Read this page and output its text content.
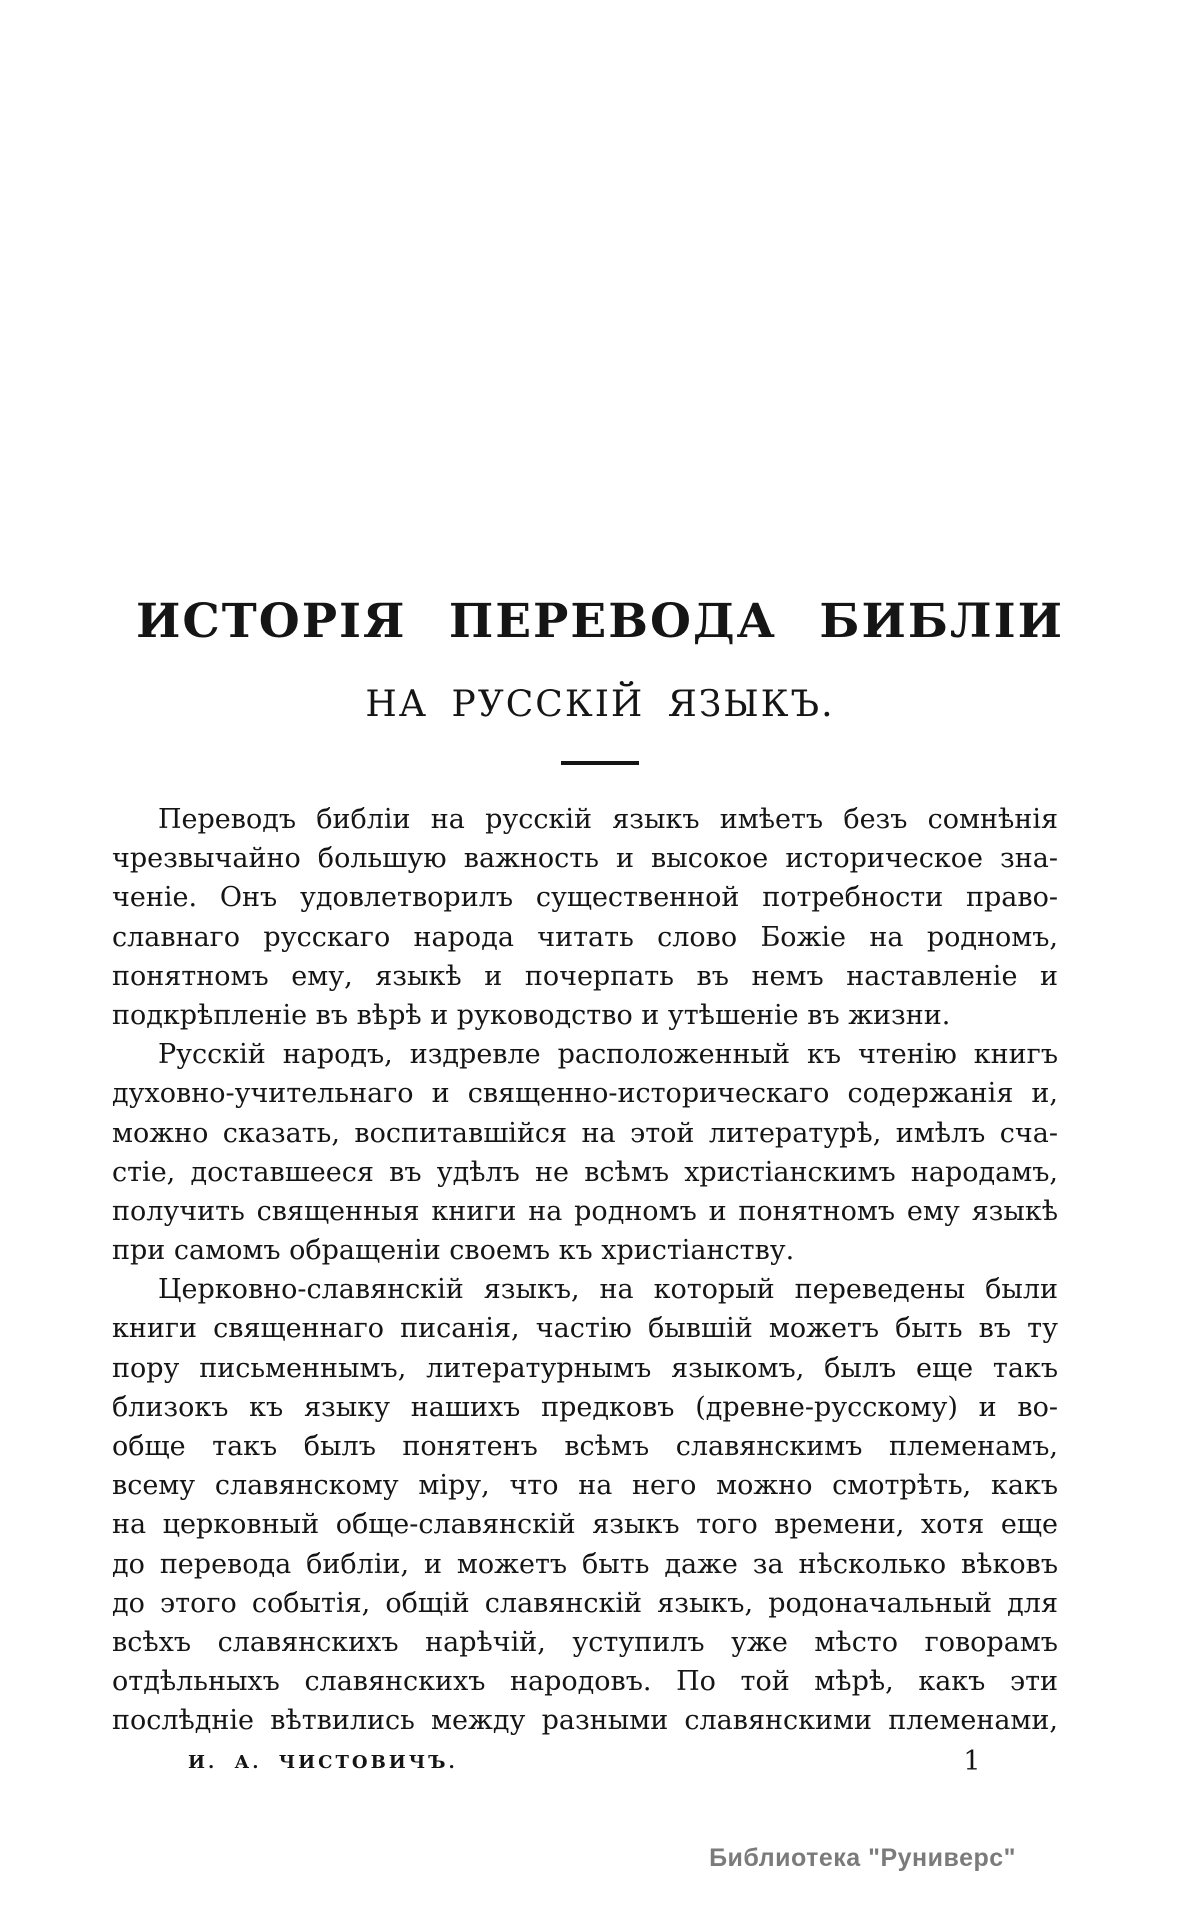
ИСТОРІЯ ПЕРЕВОДА БИБЛІИ
НА РУССКІЙ ЯЗЫКЪ.
Переводъ библіи на русскій языкъ имѣетъ безъ сомнѣнія
чрезвычайно большую важность и высокое историческое зна-
ченіе. Онъ удовлетворилъ существенной потребности право-
славнаго русскаго народа читать слово Божіе на родномъ,
понятномъ ему, языкѣ и почерпать въ немъ наставленіе и
подкрѣпленіе въ вѣрѣ и руководство и утѣшеніе въ жизни.
Русскій народъ, издревле расположенный къ чтенію книгъ
духовно-учительнаго и священно-историческаго содержанія и,
можно сказать, воспитавшійся на этой литературѣ, имѣлъ сча-
стіе, доставшееся въ удѣлъ не всѣмъ христіанскимъ народамъ,
получить священныя книги на родномъ и понятномъ ему языкѣ
при самомъ обращеніи своемъ къ христіанству.
Церковно-славянскій языкъ, на который переведены были
книги священнаго писанія, частію бывшій можетъ быть въ ту
пору письменнымъ, литературнымъ языкомъ, былъ еще такъ
близокъ къ языку нашихъ предковъ (древне-русскому) и во-
обще такъ былъ понятенъ всѣмъ славянскимъ племенамъ,
всему славянскому міру, что на него можно смотрѣть, какъ
на церковный обще-славянскій языкъ того времени, хотя еще
до перевода библіи, и можетъ быть даже за нѣсколько вѣковъ
до этого событія, общій славянскій языкъ, родоначальный для
всѣхъ славянскихъ нарѣчій, уступилъ уже мѣсто говорамъ
отдѣльныхъ славянскихъ народовъ. По той мѣрѣ, какъ эти
послѣдніе вѣтвились между разными славянскими племенами,
И. А. ЧИСТОВИЧЪ.	1
Библиотека "Руниверс"
